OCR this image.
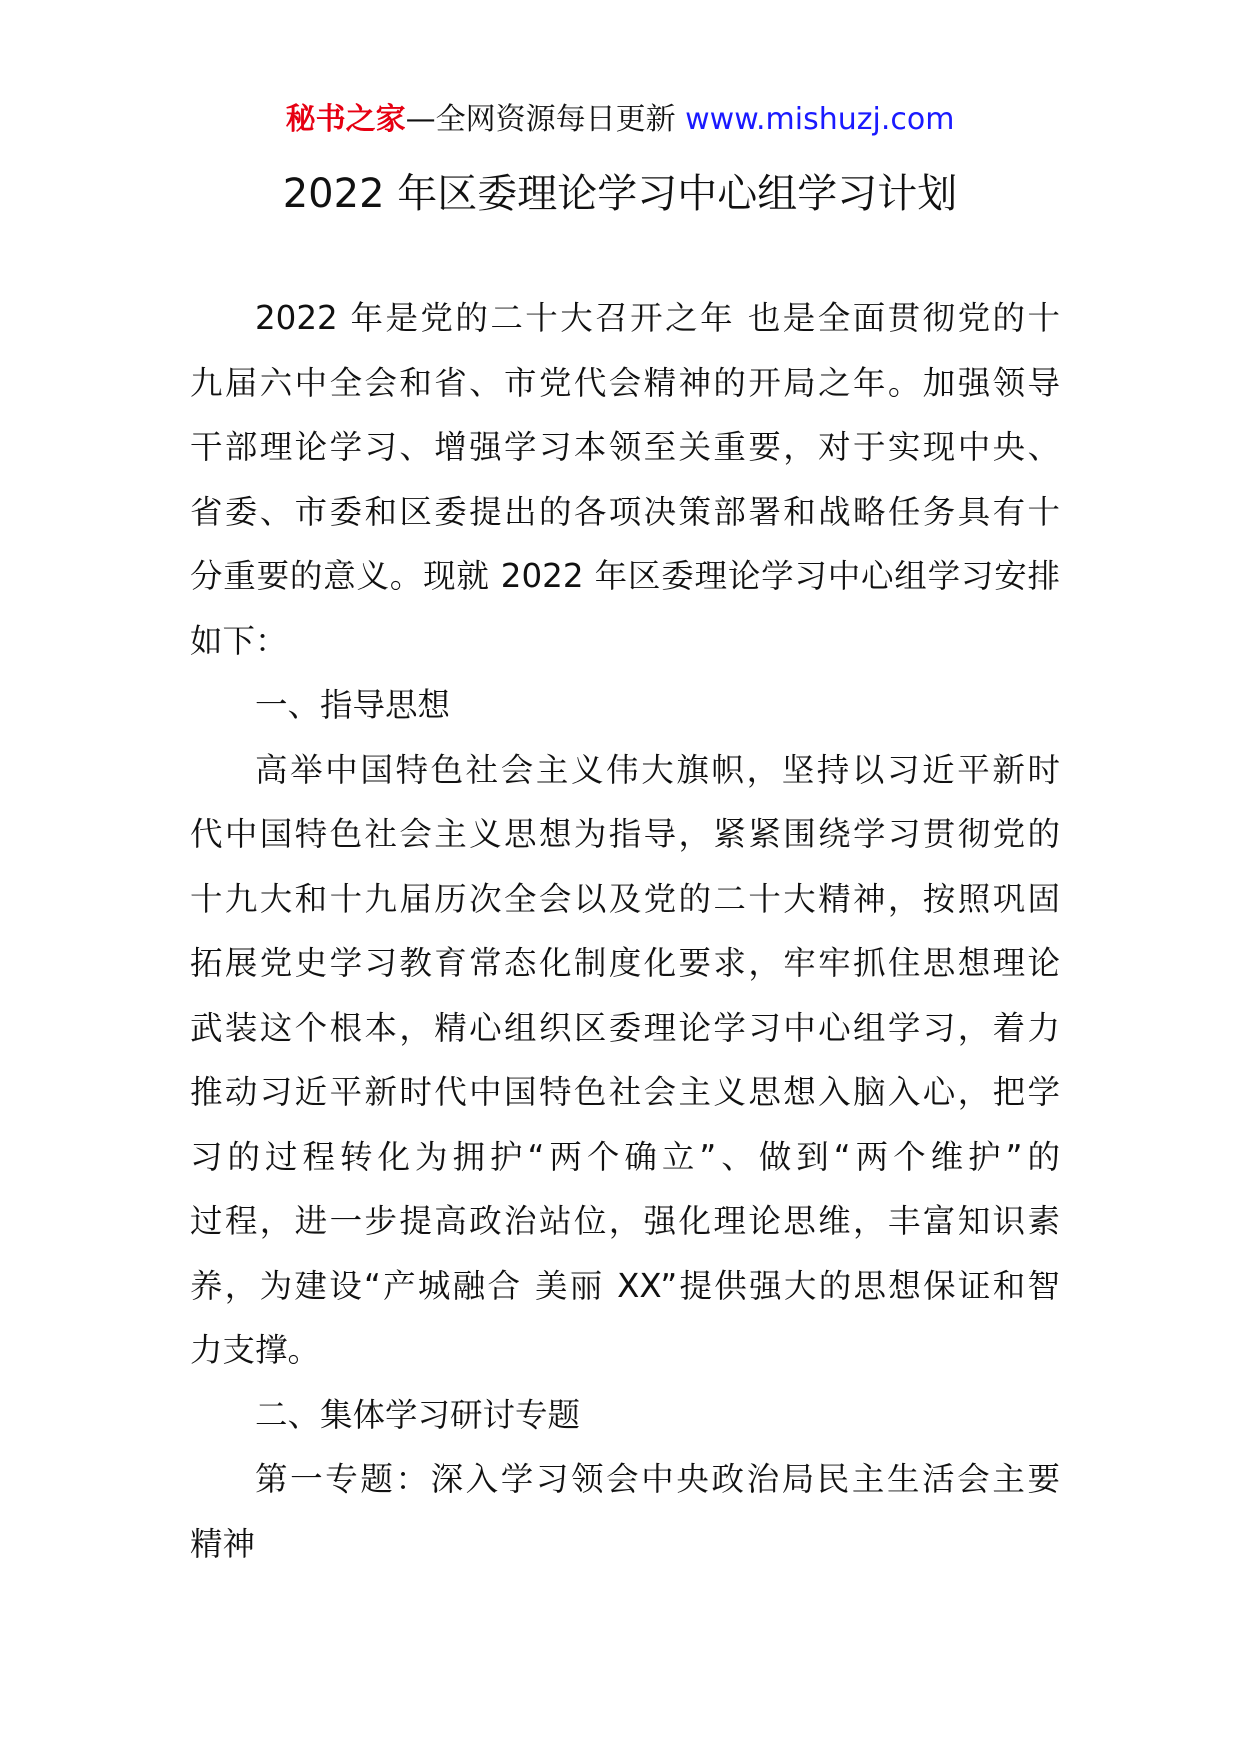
秘书之家—全网资源每日更新 www.mishuzj.com
2022 年区委理论学习中心组学习计划
2022 年是党的二十大召开之年 也是全面贯彻党的十
九届六中全会和省、市党代会精神的开局之年。加强领导
干部理论学习、增强学习本领至关重要，对于实现中央、
省委、市委和区委提出的各项决策部署和战略任务具有十
分重要的意义。现就 2022 年区委理论学习中心组学习安排
如下：
一、指导思想
高举中国特色社会主义伟大旗帜，坚持以习近平新时
代中国特色社会主义思想为指导，紧紧围绕学习贯彻党的
十九大和十九届历次全会以及党的二十大精神，按照巩固
拓展党史学习教育常态化制度化要求，牢牢抓住思想理论
武装这个根本，精心组织区委理论学习中心组学习，着力
推动习近平新时代中国特色社会主义思想入脑入心，把学
习的过程转化为拥护“两个确立”、做到“两个维护”的
过程，进一步提高政治站位，强化理论思维，丰富知识素
养，为建设“产城融合 美丽 XX”提供强大的思想保证和智
力支撑。
二、集体学习研讨专题
第一专题：深入学习领会中央政治局民主生活会主要
精神
